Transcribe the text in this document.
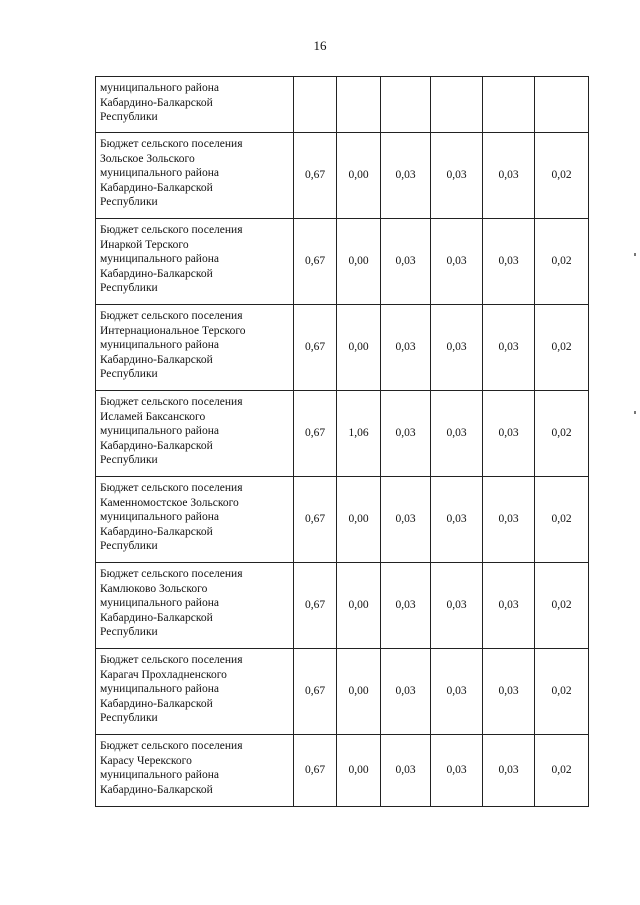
16
муниципального района
Кабардино-Балкарской
Республики						
Бюджет сельского поселения
Зольское Зольского
муниципального района
Кабардино-Балкарской
Республики	0,67	0,00	0,03	0,03	0,03	0,02
Бюджет сельского поселения
Инаркой Терского
муниципального района
Кабардино-Балкарской
Республики	0,67	0,00	0,03	0,03	0,03	0,02
Бюджет сельского поселения
Интернациональное Терского
муниципального района
Кабардино-Балкарской
Республики	0,67	0,00	0,03	0,03	0,03	0,02
Бюджет сельского поселения
Исламей Баксанского
муниципального района
Кабардино-Балкарской
Республики	0,67	1,06	0,03	0,03	0,03	0,02
Бюджет сельского поселения
Каменномостское Зольского
муниципального района
Кабардино-Балкарской
Республики	0,67	0,00	0,03	0,03	0,03	0,02
Бюджет сельского поселения
Камлюково Зольского
муниципального района
Кабардино-Балкарской
Республики	0,67	0,00	0,03	0,03	0,03	0,02
Бюджет сельского поселения
Карагач Прохладненского
муниципального района
Кабардино-Балкарской
Республики	0,67	0,00	0,03	0,03	0,03	0,02
Бюджет сельского поселения
Карасу Черекского
муниципального района
Кабардино-Балкарской	0,67	0,00	0,03	0,03	0,03	0,02
